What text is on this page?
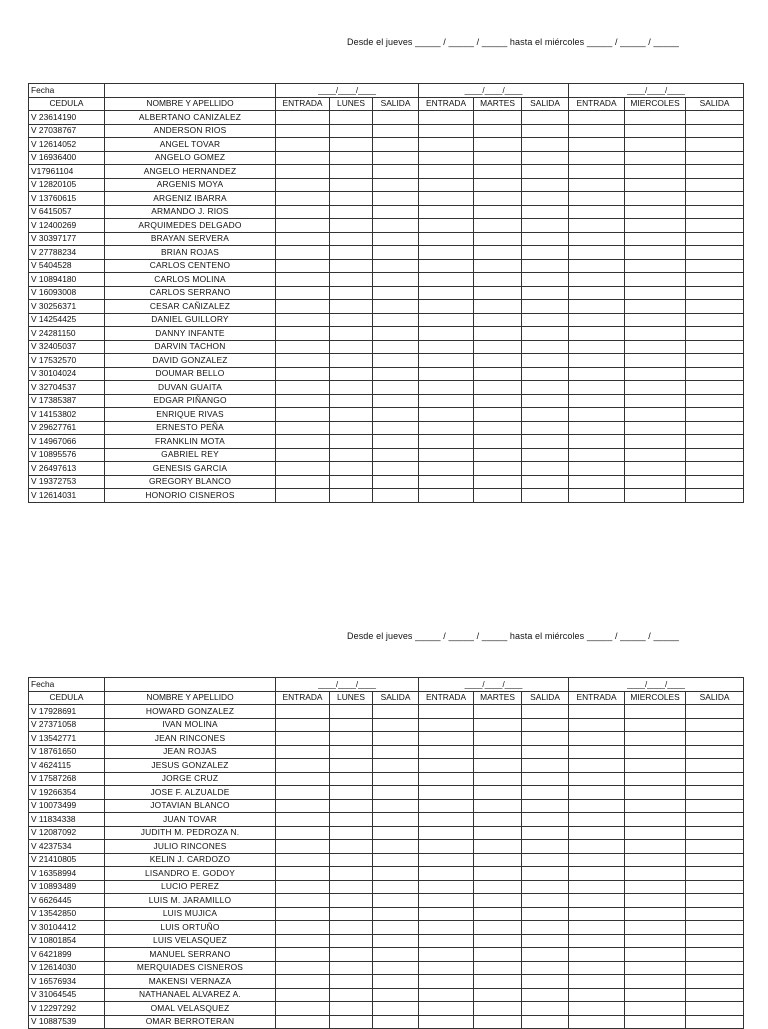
Desde el jueves _____ / _____ / _____ hasta el miércoles _____ / _____ / _____
Fecha		____/____/____			____/____/____			____/____/____		
CEDULA	NOMBRE Y APELLIDO	ENTRADA	LUNES	SALIDA	ENTRADA	MARTES	SALIDA	ENTRADA	MIERCOLES	SALIDA
V 23614190	ALBERTANO CANIZALEZ									
V 27038767	ANDERSON RIOS									
V 12614052	ANGEL TOVAR									
V 16936400	ANGELO GOMEZ									
V17961104	ANGELO HERNANDEZ									
V 12820105	ARGENIS MOYA									
V 13760615	ARGENIZ IBARRA									
V 6415057	ARMANDO J. RIOS									
V 12400269	ARQUIMEDES DELGADO									
V 30397177	BRAYAN SERVERA									
V 27788234	BRIAN ROJAS									
V 5404528	CARLOS CENTENO									
V 10894180	CARLOS MOLINA									
V 16093008	CARLOS SERRANO									
V 30256371	CESAR CAÑIZALEZ									
V 14254425	DANIEL GUILLORY									
V 24281150	DANNY INFANTE									
V 32405037	DARVIN TACHON									
V 17532570	DAVID GONZALEZ									
V 30104024	DOUMAR BELLO									
V 32704537	DUVAN GUAITA									
V 17385387	EDGAR PIÑANGO									
V 14153802	ENRIQUE RIVAS									
V 29627761	ERNESTO PEÑA									
V 14967066	FRANKLIN MOTA									
V 10895576	GABRIEL REY									
V 26497613	GENESIS GARCIA									
V 19372753	GREGORY BLANCO									
V 12614031	HONORIO CISNEROS									
Desde el jueves _____ / _____ / _____ hasta el miércoles _____ / _____ / _____
Fecha		____/____/____			____/____/____			____/____/____		
CEDULA	NOMBRE Y APELLIDO	ENTRADA	LUNES	SALIDA	ENTRADA	MARTES	SALIDA	ENTRADA	MIERCOLES	SALIDA
V 17928691	HOWARD GONZALEZ									
V 27371058	IVAN MOLINA									
V 13542771	JEAN RINCONES									
V 18761650	JEAN ROJAS									
V 4624115	JESUS GONZALEZ									
V 17587268	JORGE CRUZ									
V 19266354	JOSE F. ALZUALDE									
V 10073499	JOTAVIAN BLANCO									
V 11834338	JUAN TOVAR									
V 12087092	JUDITH M. PEDROZA N.									
V 4237534	JULIO RINCONES									
V 21410805	KELIN J. CARDOZO									
V 16358994	LISANDRO E. GODOY									
V 10893489	LUCIO PEREZ									
V 6626445	LUIS M. JARAMILLO									
V 13542850	LUIS MUJICA									
V 30104412	LUIS ORTUÑO									
V 10801854	LUIS VELASQUEZ									
V 6421899	MANUEL SERRANO									
V 12614030	MERQUIADES CISNEROS									
V 16576934	MAKENSI VERNAZA									
V 31064545	NATHANAEL ALVAREZ A.									
V 12297292	OMAL VELASQUEZ									
V 10887539	OMAR BERROTERAN									
